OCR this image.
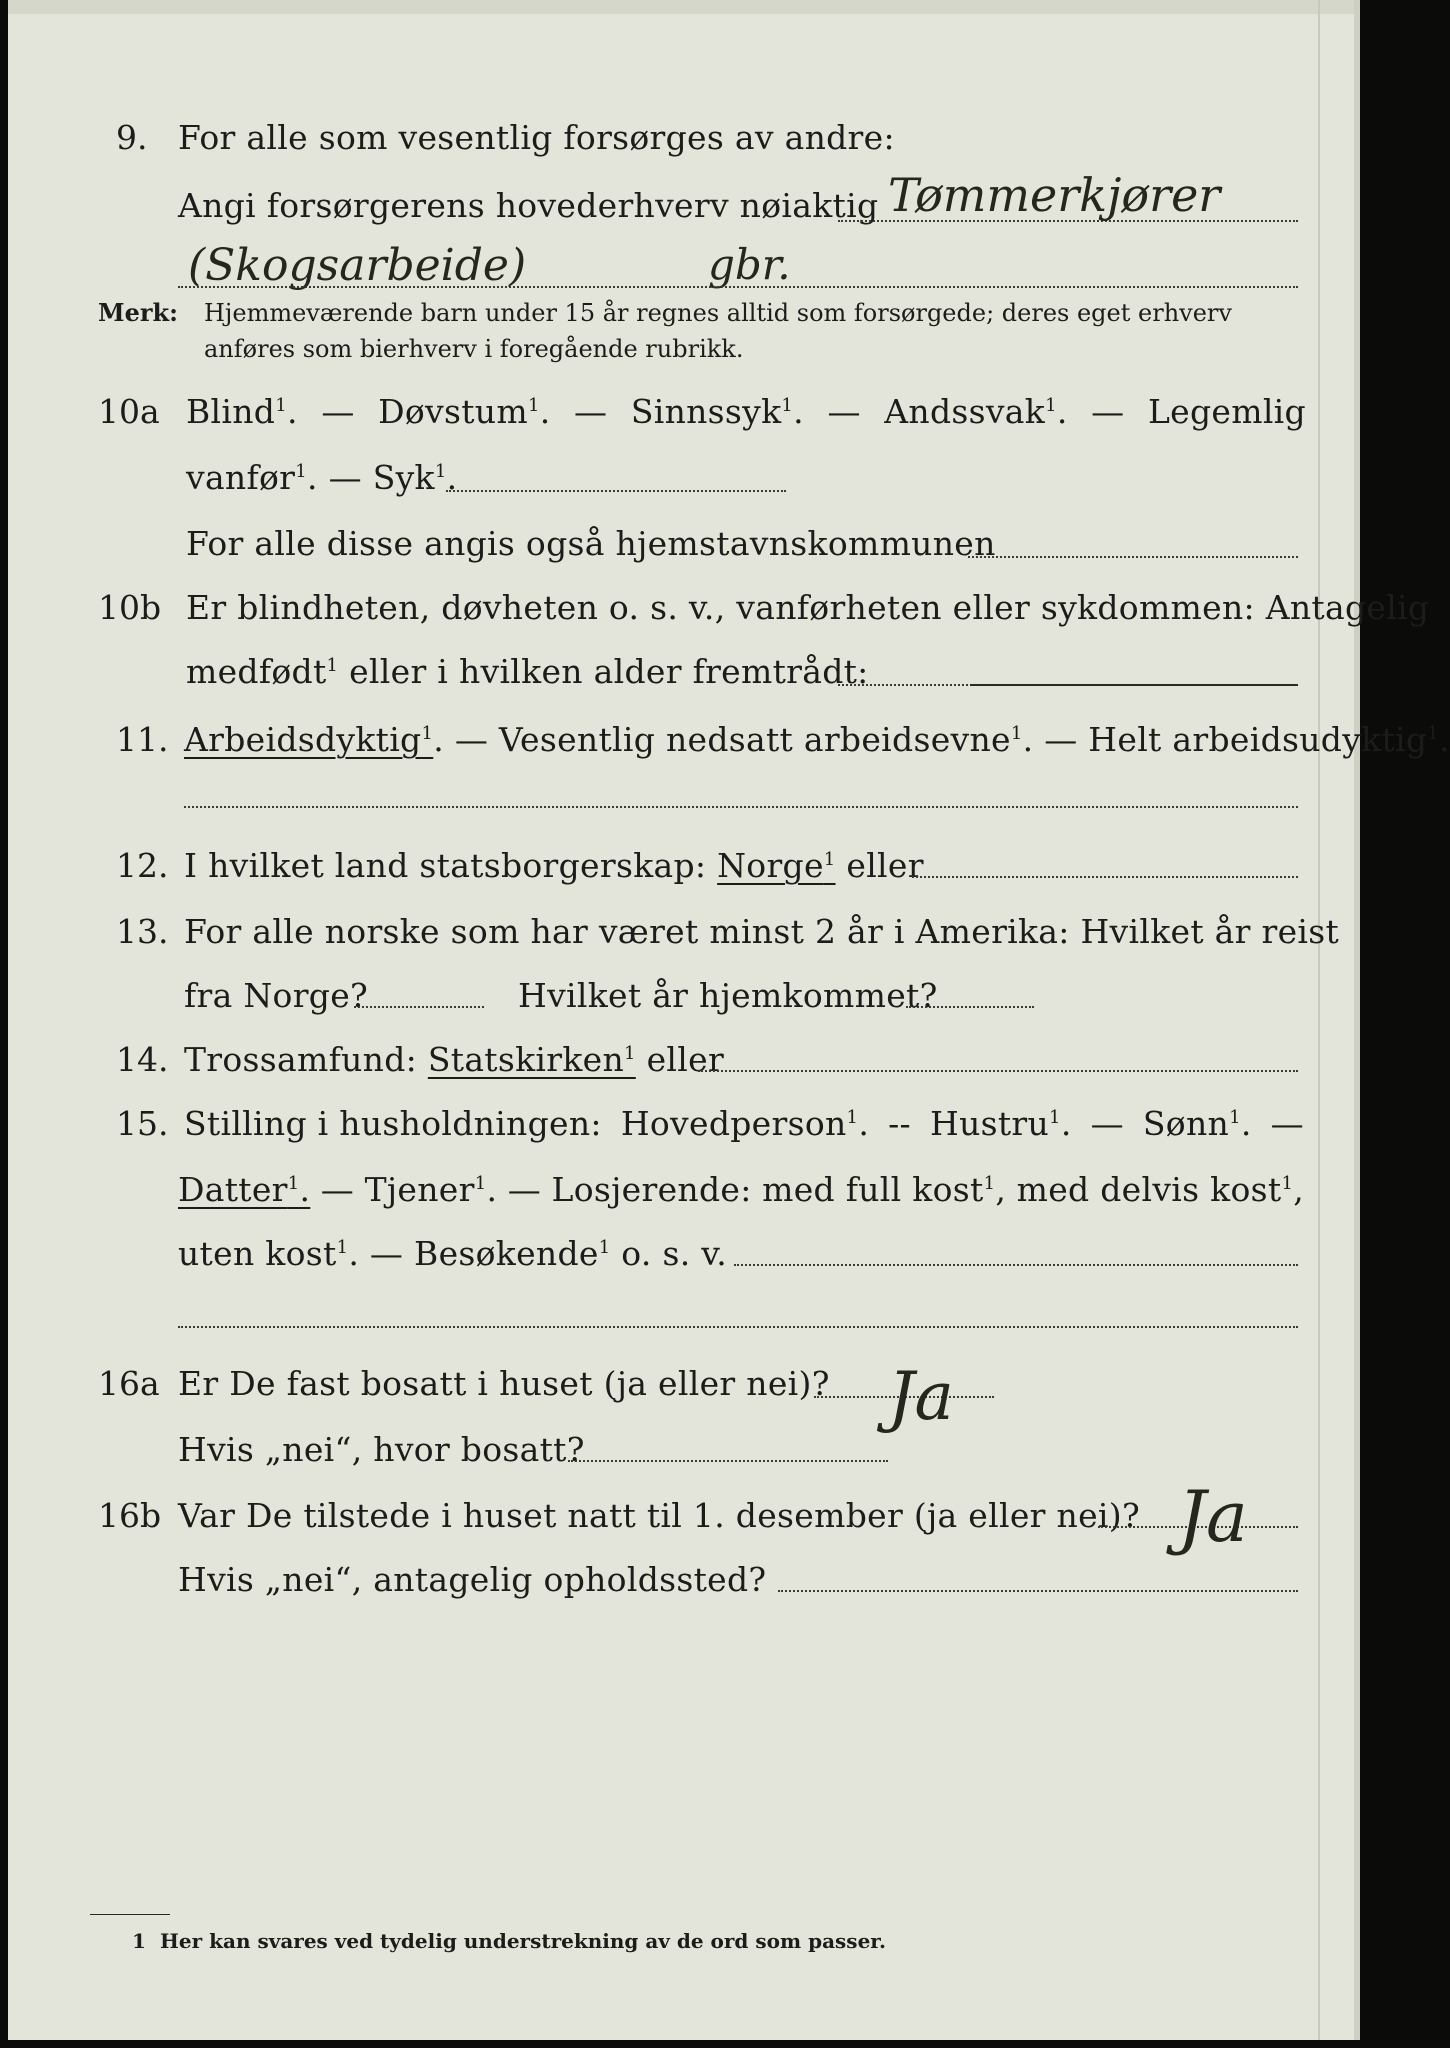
9. For alle som vesentlig forsørges av andre:
Angi forsørgerens hovederhverv nøiaktig Tømmerkjører
(Skogsarbeide)	gbr.
Merk: Hjemmeværende barn under 15 år regnes alltid som forsørgede; deres eget erhverv
anføres som bierhverv i foregående rubrikk.
10a Blind$^1$. — Døvstum$^1$. — Sinnssyk$^1$. — Andssvak$^1$. — Legemlig
vanfør$^1$. — Syk$^1$.
For alle disse angis også hjemstavnskommunen
10b Er blindheten, døvheten o. s. v., vanførheten eller sykdommen: Antagelig
medfødt$^1$ eller i hvilken alder fremtrådt:
11. Arbeidsdyktig$^1$. — Vesentlig nedsatt arbeidsevne$^1$. — Helt arbeidsudyktig$^1$.
12. I hvilket land statsborgerskap: Norge$^1$ eller
13. For alle norske som har været minst 2 år i Amerika: Hvilket år reist
fra Norge?	Hvilket år hjemkommet?
14. Trossamfund: Statskirken$^1$ eller
15. Stilling i husholdningen: Hovedperson$^1$. -- Hustru$^1$. — Sønn$^1$. —
Datter$^1$. — Tjener$^1$. — Losjerende: med full kost$^1$, med delvis kost$^1$,
uten kost$^1$. — Besøkende$^1$ o. s. v.
16a Er De fast bosatt i huset (ja eller nei)? Ja
Hvis „nei“, hvor bosatt?
16b Var De tilstede i huset natt til 1. desember (ja eller nei)? Ja
Hvis „nei“, antagelig opholdssted?
1 Her kan svares ved tydelig understrekning av de ord som passer.
